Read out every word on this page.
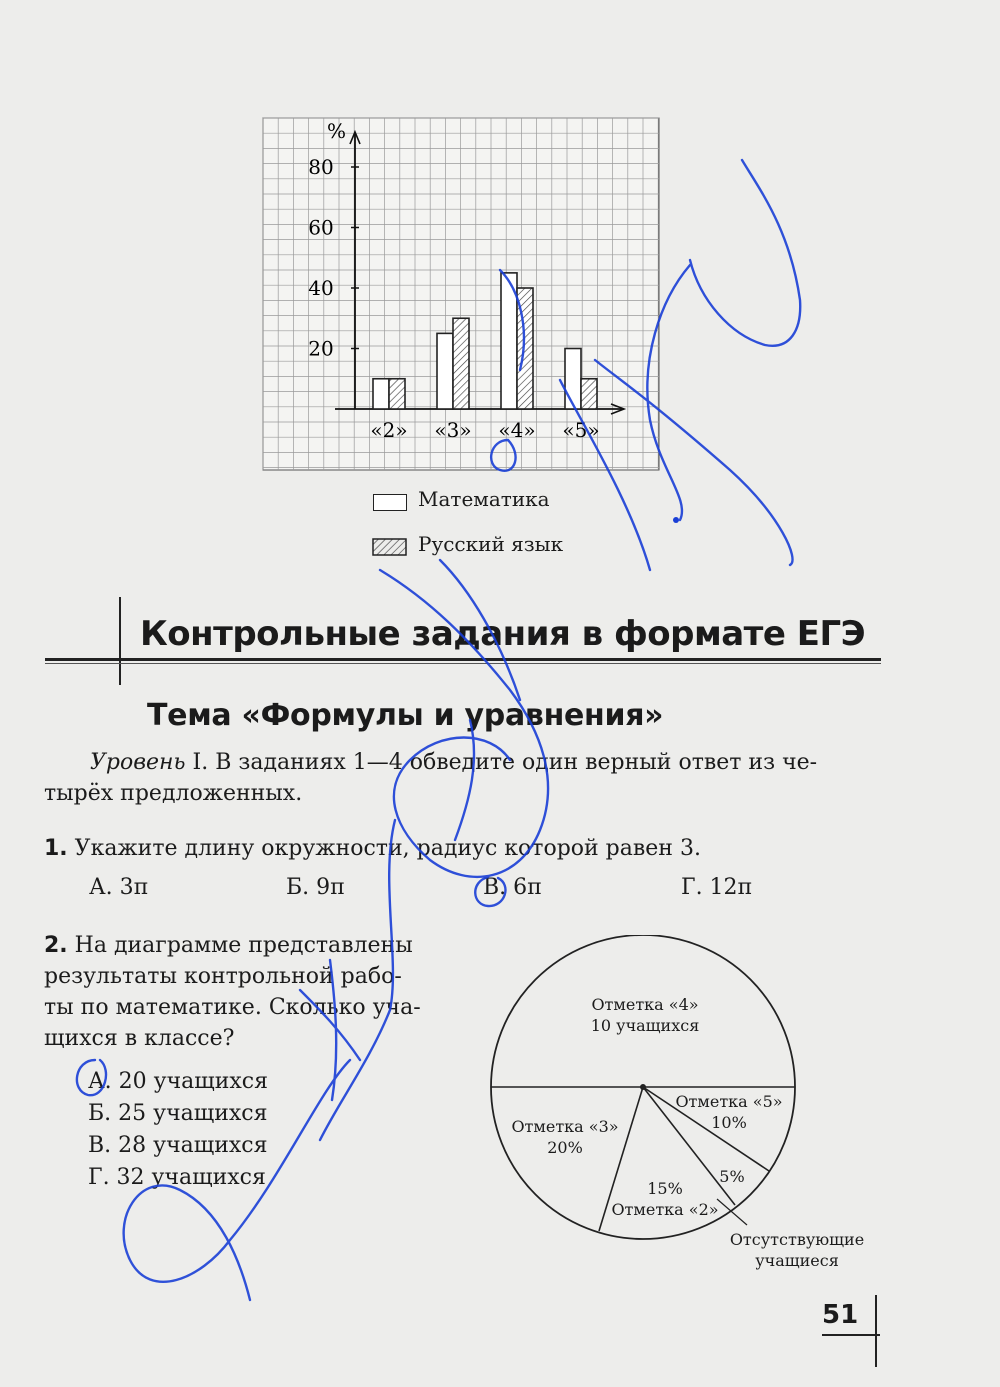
%
20
40
60
80
«2» «3» «4» «5»
Математика
Русский язык
Контрольные задания в формате ЕГЭ
Тема «Формулы и уравнения»
Уровень I. В заданиях 1—4 обведите один верный ответ из че-
тырёх предложенных.
1. Укажите длину окружности, радиус которой равен 3.
А. 3π	Б. 9π	В. 6π	Г. 12π
2. На диаграмме представлены
результаты контрольной рабо-
ты по математике. Сколько уча-
щихся в классе?
А. 20 учащихся
Б. 25 учащихся
В. 28 учащихся
Г. 32 учащихся
Отметка «4»
10 учащихся
Отметка «5»
10%
Отметка «3»
20%
15%
Отметка «2»
5%
Отсутствующие
учащиеся
51
